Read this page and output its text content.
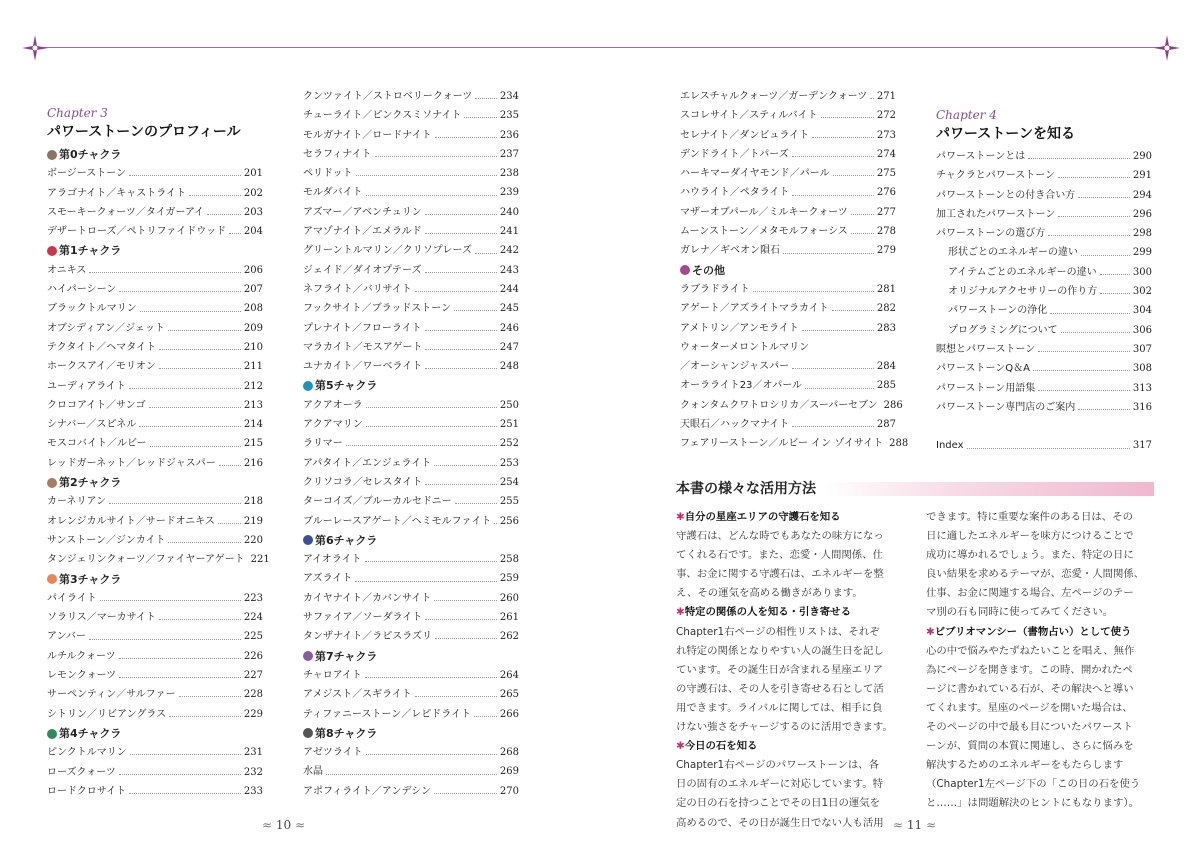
Chapter 3
パワーストーンのプロフィール
第0チャクラ
ボージーストーン	201
アラゴナイト／キャストライト	202
スモーキークォーツ／タイガーアイ	203
デザートローズ／ペトリファイドウッド 204
第1チャクラ
オニキス	206
ハイパーシーン	207
ブラックトルマリン	208
オブシディアン／ジェット	209
テクタイト／ヘマタイト	210
ホークスアイ／モリオン	211
ユーディアライト	212
クロコアイト／サンゴ	213
シナバー／スピネル	214
モスコバイト／ルビー	215
レッドガーネット／レッドジャスパー	216
第2チャクラ
カーネリアン	218
オレンジカルサイト／サードオニキス	219
サンストーン／ジンカイト	220
タンジェリンクォーツ／ファイヤーアゲート 221
第3チャクラ
パイライト	223
ソラリス／マーカサイト	224
アンバー	225
ルチルクォーツ	226
レモンクォーツ	227
サーペンティン／サルファー	228
シトリン／リビアングラス	229
第4チャクラ
ピンクトルマリン	231
ローズクォーツ	232
ロードクロサイト	233
クンツァイト／ストロベリークォーツ	234
チューライト／ピンクスミソナイト	235
モルガナイト／ロードナイト	236
セラフィナイト	237
ペリドット	238
モルダバイト	239
アズマー／アベンチュリン	240
アマゾナイト／エメラルド	241
グリーントルマリン／クリソプレーズ	242
ジェイド／ダイオプテーズ	243
ネフライト／バリサイト	244
フックサイト／ブラッドストーン	245
プレナイト／フローライト	246
マラカイト／モスアゲート	247
ユナカイト／ワーベライト	248
第5チャクラ
アクアオーラ	250
アクアマリン	251
ラリマー	252
アパタイト／エンジェライト	253
クリソコラ／セレスタイト	254
ターコイズ／ブルーカルセドニー	255
ブルーレースアゲート／ヘミモルファイト 256
第6チャクラ
アイオライト	258
アズライト	259
カイヤナイト／カバンサイト	260
サファイア／ソーダライト	261
タンザナイト／ラピスラズリ	262
第7チャクラ
チャロアイト	264
アメジスト／スギライト	265
ティファニーストーン／レピドライト	266
第8チャクラ
アゼツライト	268
水晶	269
アポフィライト／アンデシン	270
エレスチャルクォーツ／ガーデンクォーツ 271
スコレサイト／スティルバイト	272
セレナイト／ダンビュライト	273
デンドライト／トパーズ	274
ハーキマーダイヤモンド／パール	275
ハウライト／ペタライト	276
マザーオブパール／ミルキークォーツ	277
ムーンストーン／メタモルフォーシス	278
ガレナ／ギベオン隕石	279
その他
ラブラドライト	281
アゲート／アズライトマラカイト	282
アメトリン／アンモライト	283
ウォーターメロントルマリン
／オーシャンジャスパー	284
オーラライト23／オパール	285
クォンタムクワトロシリカ／スーパーセブン 286
天眼石／ハックマナイト	287
フェアリーストーン／ルビー イン ゾイサイト 288
Chapter 4
パワーストーンを知る
パワーストーンとは	290
チャクラとパワーストーン	291
パワーストーンとの付き合い方	294
加工されたパワーストーン	296
パワーストーンの選び方	298
形状ごとのエネルギーの違い	299
アイテムごとのエネルギーの違い	300
オリジナルアクセサリーの作り方	302
パワーストーンの浄化	304
プログラミングについて	306
瞑想とパワーストーン	307
パワーストーンQ＆A	308
パワーストーン用語集	313
パワーストーン専門店のご案内	316
Index	317
本書の様々な活用方法
✱自分の星座エリアの守護石を知る
守護石は、どんな時でもあなたの味方になっ
てくれる石です。また、恋愛・人間関係、仕
事、お金に関する守護石は、エネルギーを整
え、その運気を高める働きがあります。
✱特定の関係の人を知る・引き寄せる
Chapter1右ページの相性リストは、それぞ
れ特定の関係となりやすい人の誕生日を記し
ています。その誕生日が含まれる星座エリア
の守護石は、その人を引き寄せる石として活
用できます。ライバルに関しては、相手に負
けない強さをチャージするのに活用できます。
✱今日の石を知る
Chapter1右ページのパワーストーンは、各
日の固有のエネルギーに対応しています。特
定の日の石を持つことでその日1日の運気を
高めるので、その日が誕生日でない人も活用
できます。特に重要な案件のある日は、その
日に適したエネルギーを味方につけることで
成功に導かれるでしょう。また、特定の日に
良い結果を求めるテーマが、恋愛・人間関係、
仕事、お金に関連する場合、左ページのテー
マ別の石も同時に使ってみてください。
✱ビブリオマンシー（書物占い）として使う
心の中で悩みやたずねたいことを唱え、無作
為にページを開きます。この時、開かれたペ
ージに書かれている石が、その解決へと導い
てくれます。星座のページを開いた場合は、
そのページの中で最も目についたパワースト
ーンが、質問の本質に関連し、さらに悩みを
解決するためのエネルギーをもたらします
（Chapter1左ページ下の「この日の石を使う
と……」は問題解決のヒントにもなります）。
≈ 10 ≈	≈ 11 ≈
